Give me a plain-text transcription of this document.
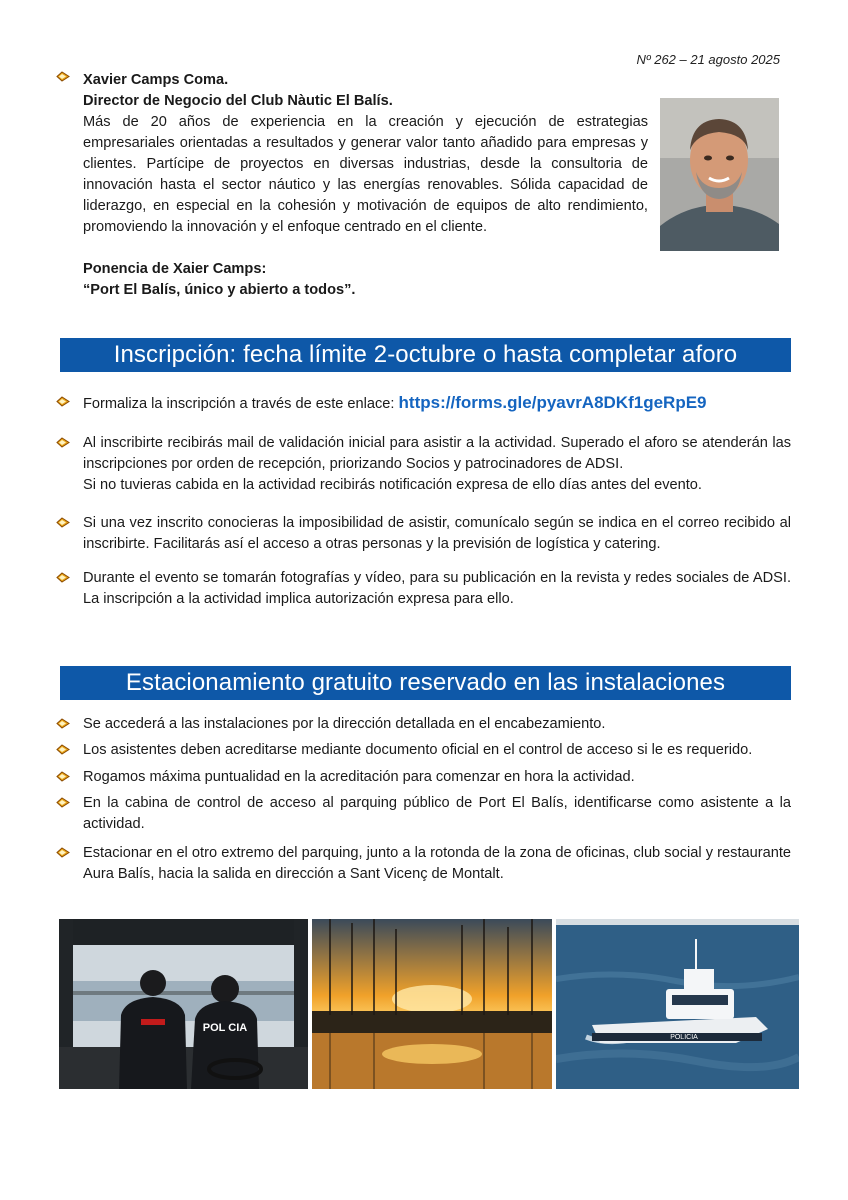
Nº 262 – 21 agosto 2025
Xavier Camps Coma.
Director de Negocio del Club Nàutic El Balís.
Más de 20 años de experiencia en la creación y ejecución de estrategias empresariales orientadas a resultados y generar valor tanto añadido para empresas y clientes. Partícipe de proyectos en diversas industrias, desde la consultoria de innovación hasta el sector náutico y las energías renovables. Sólida capacidad de liderazgo, en especial en la cohesión y motivación de equipos de alto rendimiento, promoviendo la innovación y el enfoque centrado en el cliente.
Ponencia de Xaier Camps:
“Port El Balís, único y abierto a todos”.
Inscripción: fecha límite 2-octubre o hasta completar aforo
Formaliza la inscripción a través de este enlace: https://forms.gle/pyavrA8DKf1geRpE9
Al inscribirte recibirás mail de validación inicial para asistir a la actividad. Superado el aforo se atenderán las inscripciones por orden de recepción, priorizando Socios y patrocinadores de ADSI.
Si no tuvieras cabida en la actividad recibirás notificación expresa de ello días antes del evento.
Si una vez inscrito conocieras la imposibilidad de asistir, comunícalo según se indica en el correo recibido al inscribirte. Facilitarás así el acceso a otras personas y la previsión de logística y catering.
Durante el evento se tomarán fotografías y vídeo, para su publicación en la revista y redes sociales de ADSI. La inscripción a la actividad implica autorización expresa para ello.
Estacionamiento gratuito reservado en las instalaciones
Se accederá a las instalaciones por la dirección detallada en el encabezamiento.
Los asistentes deben acreditarse mediante documento oficial en el control de acceso si le es requerido.
Rogamos máxima puntualidad en la acreditación para comenzar en hora la actividad.
En la cabina de control de acceso al parquing público de Port El Balís, identificarse como asistente a la actividad.
Estacionar en el otro extremo del parquing, junto a la rotonda de la zona de oficinas, club social y restaurante Aura Balís, hacia la salida en dirección a Sant Vicenç de Montalt.
POL CIA
POLICIA
